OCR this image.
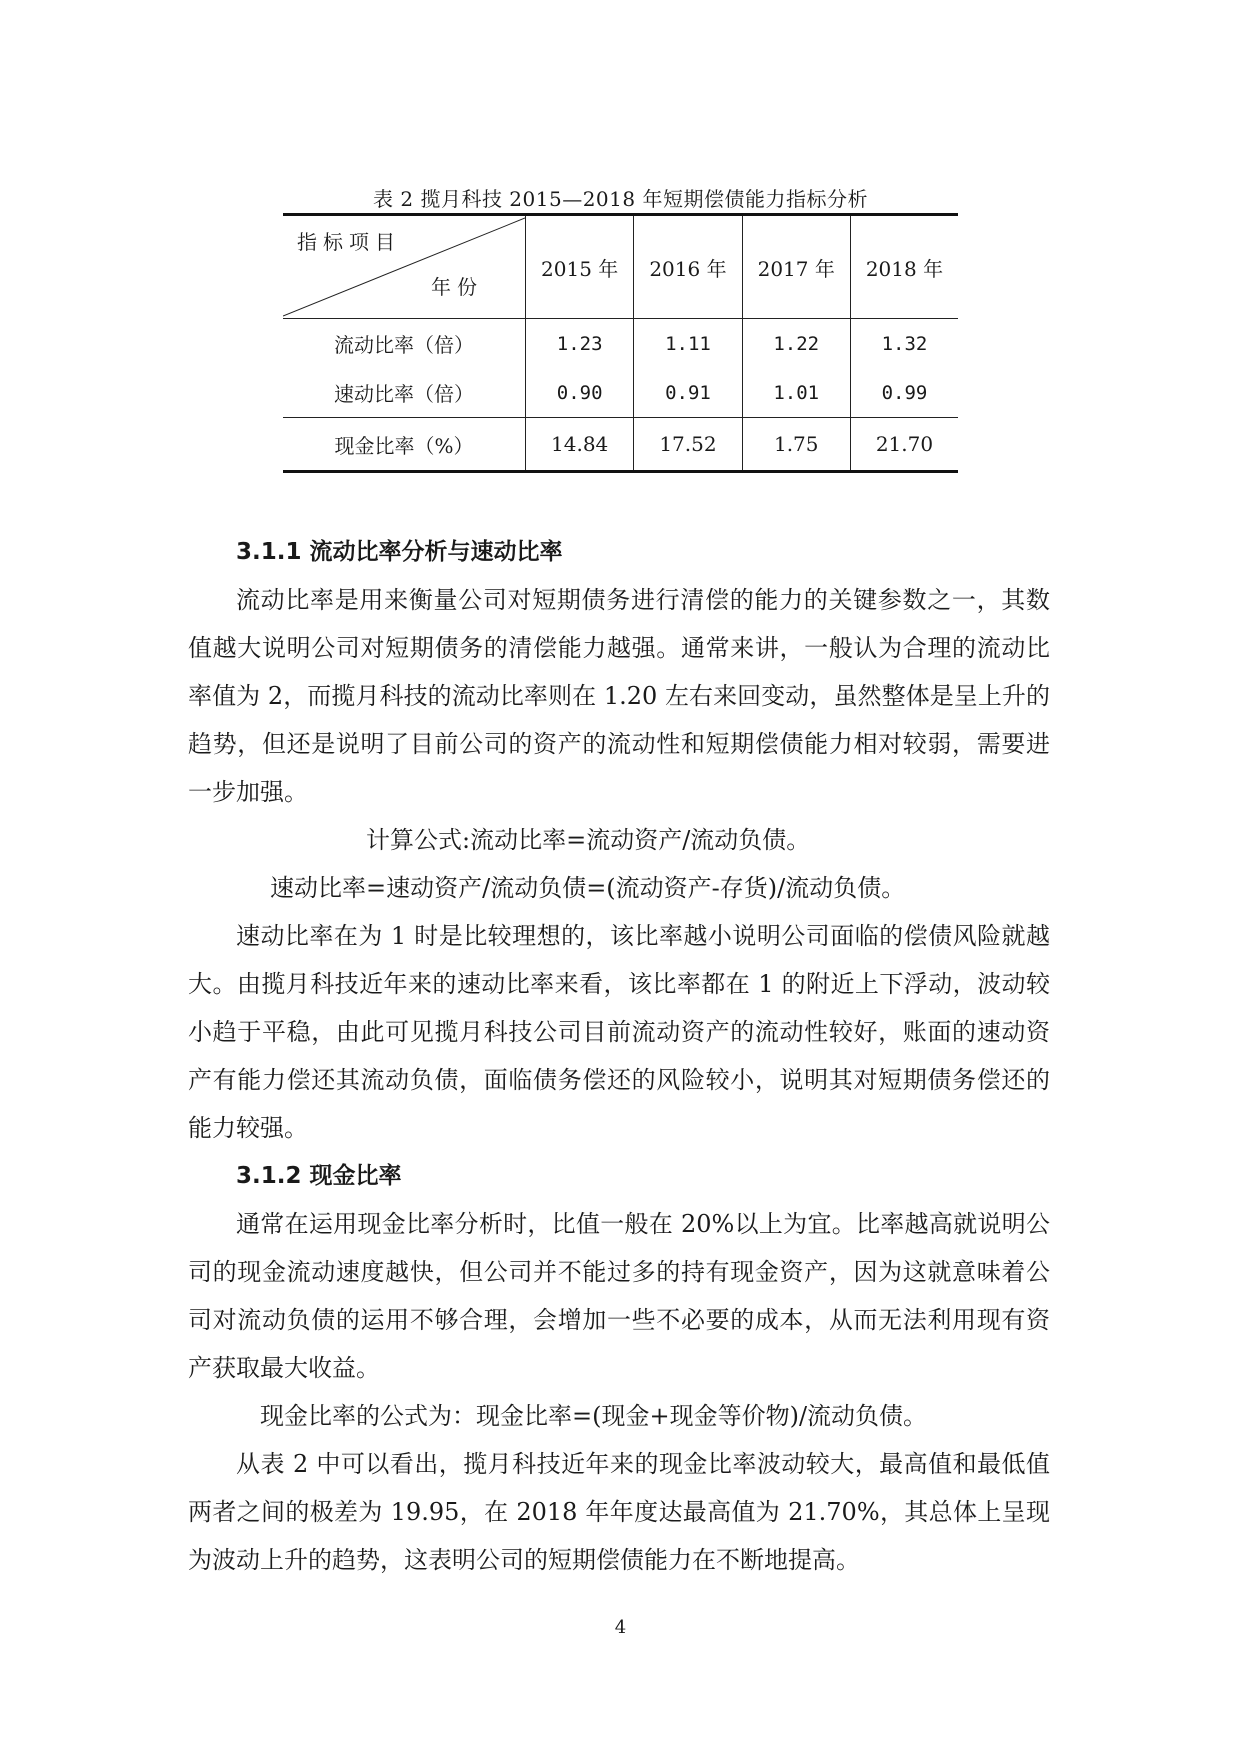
表 2 揽月科技 2015—2018 年短期偿债能力指标分析
指标项目
年份	2015 年	2016 年	2017 年	2018 年
流动比率（倍）	1.23	1.11	1.22	1.32
速动比率（倍）	0.90	0.91	1.01	0.99
现金比率（%）	14.84	17.52	1.75	21.70
3.1.1 流动比率分析与速动比率

流动比率是用来衡量公司对短期债务进行清偿的能力的关键参数之一，其数值越大说明公司对短期债务的清偿能力越强。通常来讲，一般认为合理的流动比率值为 2，而揽月科技的流动比率则在 1.20 左右来回变动，虽然整体是呈上升的趋势，但还是说明了目前公司的资产的流动性和短期偿债能力相对较弱，需要进一步加强。

计算公式:流动比率=流动资产/流动负债。

速动比率=速动资产/流动负债=(流动资产-存货)/流动负债。

速动比率在为 1 时是比较理想的，该比率越小说明公司面临的偿债风险就越大。由揽月科技近年来的速动比率来看，该比率都在 1 的附近上下浮动，波动较小趋于平稳，由此可见揽月科技公司目前流动资产的流动性较好，账面的速动资产有能力偿还其流动负债，面临债务偿还的风险较小，说明其对短期债务偿还的能力较强。

3.1.2 现金比率

通常在运用现金比率分析时，比值一般在 20%以上为宜。比率越高就说明公司的现金流动速度越快，但公司并不能过多的持有现金资产，因为这就意味着公司对流动负债的运用不够合理，会增加一些不必要的成本，从而无法利用现有资产获取最大收益。

现金比率的公式为：现金比率=(现金+现金等价物)/流动负债。

从表 2 中可以看出，揽月科技近年来的现金比率波动较大，最高值和最低值两者之间的极差为 19.95，在 2018 年年度达最高值为 21.70%，其总体上呈现为波动上升的趋势，这表明公司的短期偿债能力在不断地提高。

4
